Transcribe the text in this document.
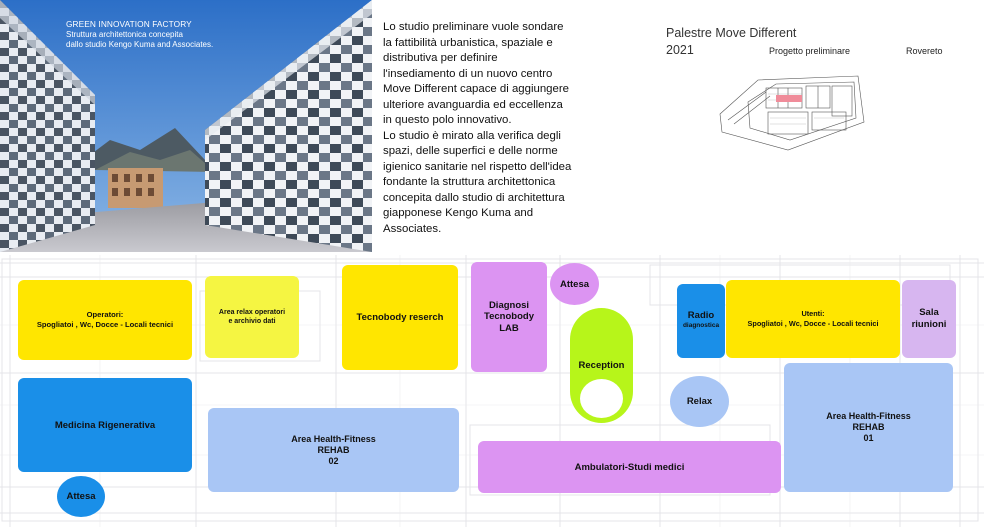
GREEN INNOVATION FACTORY
Struttura architettonica concepita
dallo studio Kengo Kuma and Associates.

Lo studio preliminare vuole sondare la fattibilità urbanistica, spaziale e distributiva per definire l'insediamento di un nuovo centro Move Different capace di aggiungere ulteriore avanguardia ed eccellenza in questo polo innovativo.

Lo studio è mirato alla verifica degli spazi, delle superfici e delle norme igienico sanitarie nel rispetto dell'idea fondante la struttura architettonica concepita dallo studio di architettura giapponese Kengo Kuma and Associates.

Palestre Move Different
2021	Progetto preliminare	Rovereto
Operatori:
Spogliatoi , Wc, Docce - Locali tecnici
Area relax operatori
e archivio dati	Tecnobody reserch
Diagnosi
Tecnobody
LAB
Attesa
Reception
Radio
diagnostica
Utenti:
Spogliatoi , Wc, Docce - Locali tecnici
Sala
riunioni
Medicina Rigenerativa
Relax
Area Health-Fitness
REHAB
02
Area Health-Fitness
REHAB
01
Ambulatori-Studi medici
Attesa
